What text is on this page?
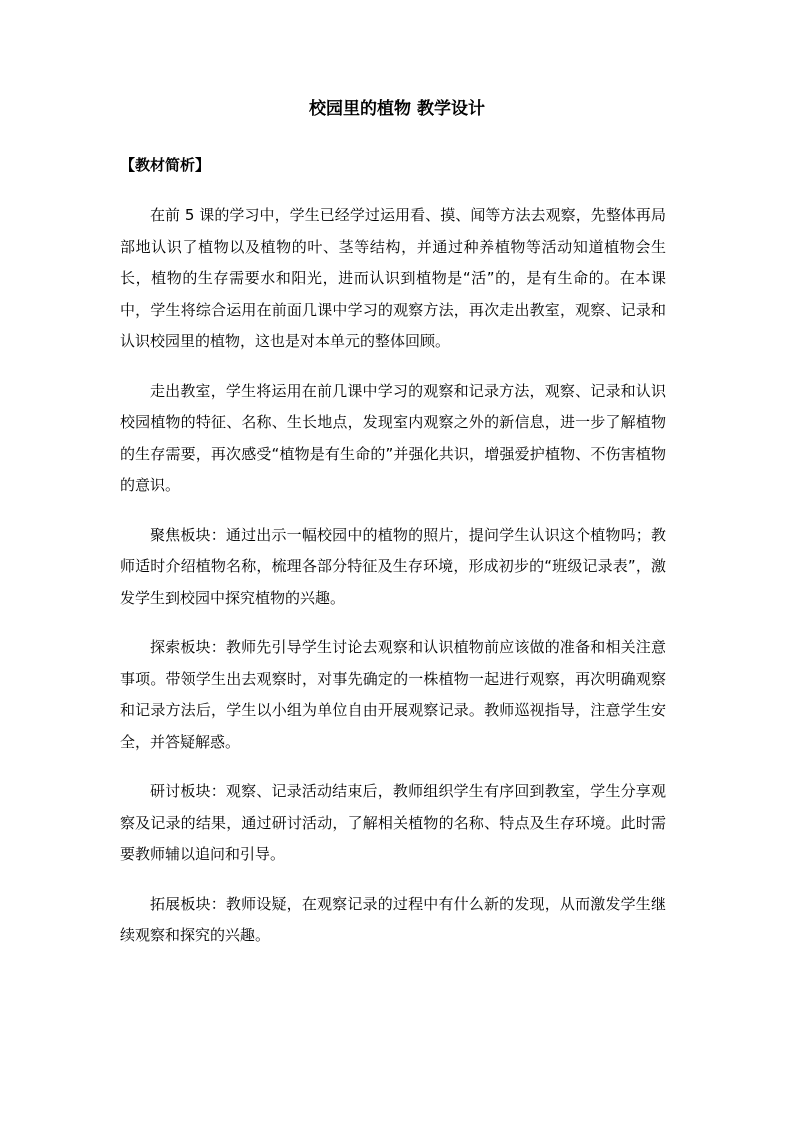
校园里的植物 教学设计
【教材简析】

在前 5 课的学习中，学生已经学过运用看、摸、闻等方法去观察，先整体再局部地认识了植物以及植物的叶、茎等结构，并通过种养植物等活动知道植物会生长，植物的生存需要水和阳光，进而认识到植物是“活”的，是有生命的。在本课中，学生将综合运用在前面几课中学习的观察方法，再次走出教室，观察、记录和认识校园里的植物，这也是对本单元的整体回顾。

走出教室，学生将运用在前几课中学习的观察和记录方法，观察、记录和认识校园植物的特征、名称、生长地点，发现室内观察之外的新信息，进一步了解植物的生存需要，再次感受“植物是有生命的”并强化共识，增强爱护植物、不伤害植物的意识。

聚焦板块：通过出示一幅校园中的植物的照片，提问学生认识这个植物吗；教师适时介绍植物名称，梳理各部分特征及生存环境，形成初步的“班级记录表”，激发学生到校园中探究植物的兴趣。

探索板块：教师先引导学生讨论去观察和认识植物前应该做的准备和相关注意事项。带领学生出去观察时，对事先确定的一株植物一起进行观察，再次明确观察和记录方法后，学生以小组为单位自由开展观察记录。教师巡视指导，注意学生安全，并答疑解惑。

研讨板块：观察、记录活动结束后，教师组织学生有序回到教室，学生分享观察及记录的结果，通过研讨活动，了解相关植物的名称、特点及生存环境。此时需要教师辅以追问和引导。

拓展板块：教师设疑，在观察记录的过程中有什么新的发现，从而激发学生继续观察和探究的兴趣。
